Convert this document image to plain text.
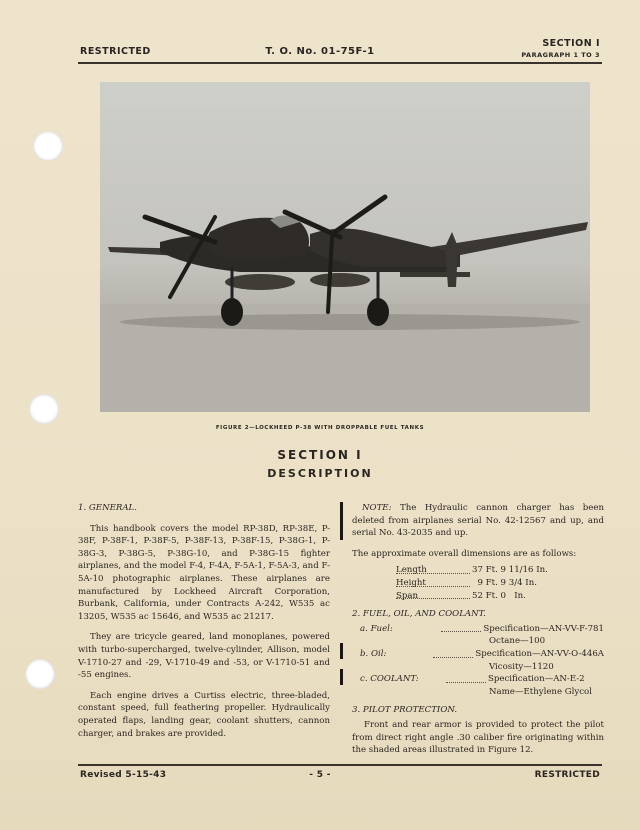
RESTRICTED	T. O. No. 01-75F-1
SECTION I
PARAGRAPH 1 TO 3
FIGURE 2—LOCKHEED P-38 WITH DROPPABLE FUEL TANKS
SECTION I
DESCRIPTION
1. GENERAL.

This handbook covers the model RP-38D, RP-38E, P-38F, P-38F-1, P-38F-5, P-38F-13, P-38F-15, P-38G-1, P-38G-3, P-38G-5, P-38G-10, and P-38G-15 fighter airplanes, and the model F-4, F-4A, F-5A-1, F-5A-3, and F-5A-10 photographic airplanes. These airplanes are manufactured by Lockheed Aircraft Corporation, Burbank, California, under Contracts A-242, W535 ac 13205, W535 ac 15646, and W535 ac 21217.

They are tricycle geared, land monoplanes, powered with turbo-supercharged, twelve-cylinder, Allison, model V-1710-27 and -29, V-1710-49 and -53, or V-1710-51 and -55 engines.

Each engine drives a Curtiss electric, three-bladed, constant speed, full feathering propeller. Hydraulically operated flaps, landing gear, coolant shutters, cannon charger, and brakes are provided.

NOTE: The Hydraulic cannon charger has been deleted from airplanes serial No. 42-12567 and up, and serial No. 43-2035 and up.

The approximate overall dimensions are as follows:

Length	37 Ft. 9 11/16 In.
Height	9 Ft. 9 3/4 In.
Span	52 Ft. 0   In.
2. FUEL, OIL, AND COOLANT.
a. Fuel:	Specification—AN-VV-F-781
Octane—100
b. Oil:	Specification—AN-VV-O-446A
Vicosity—1120
c. COOLANT:	Specification—AN-E-2
Name—Ethylene Glycol
3. PILOT PROTECTION.

Front and rear armor is provided to protect the pilot from direct right angle .30 caliber fire originating within the shaded areas illustrated in Figure 12.

Revised 5-15-43	- 5 -	RESTRICTED
